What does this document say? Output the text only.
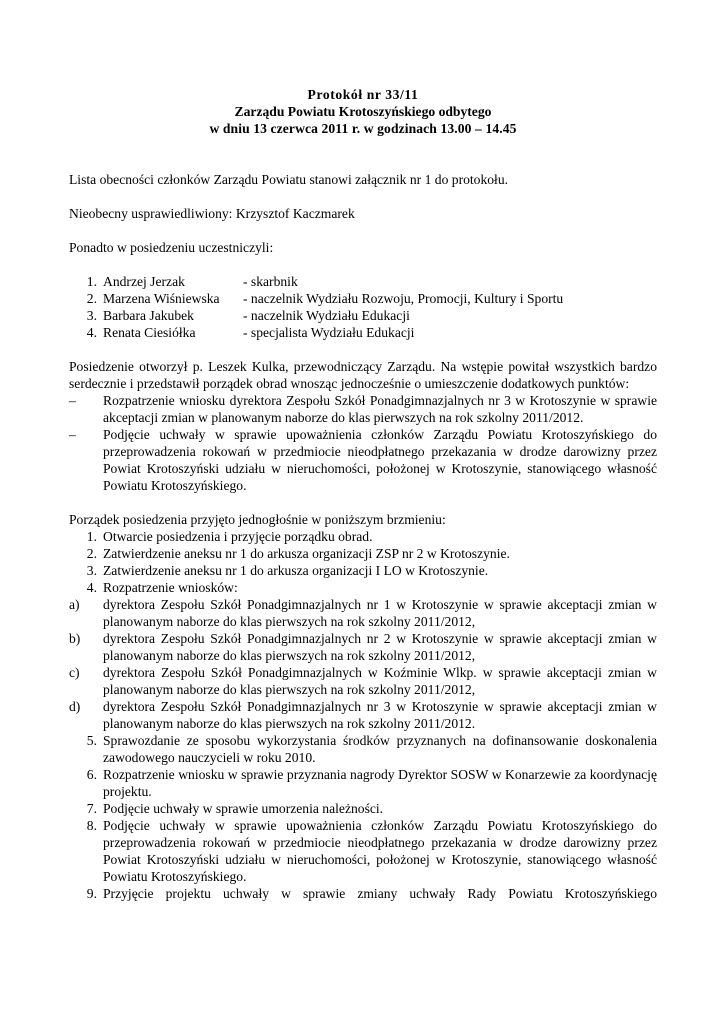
Protokół nr 33/11
Zarządu Powiatu Krotoszyńskiego odbytego
w dniu 13 czerwca 2011 r. w godzinach 13.00 – 14.45

Lista obecności członków Zarządu Powiatu stanowi załącznik nr 1 do protokołu.

Nieobecny usprawiedliwiony: Krzysztof Kaczmarek

Ponadto w posiedzeniu uczestniczyli:

1. Andrzej Jerzak	- skarbnik
2. Marzena Wiśniewska	- naczelnik Wydziału Rozwoju, Promocji, Kultury i Sportu
3. Barbara Jakubek	- naczelnik Wydziału Edukacji
4. Renata Ciesiółka	- specjalista Wydziału Edukacji

Posiedzenie otworzył p. Leszek Kulka, przewodniczący Zarządu. Na wstępie powitał wszystkich bardzo serdecznie i przedstawił porządek obrad wnosząc jednocześnie o umieszczenie dodatkowych punktów:

–	Rozpatrzenie wniosku dyrektora Zespołu Szkół Ponadgimnazjalnych nr 3 w Krotoszynie w sprawie akceptacji zmian w planowanym naborze do klas pierwszych na rok szkolny 2011/2012.
–	Podjęcie uchwały w sprawie upoważnienia członków Zarządu Powiatu Krotoszyńskiego do przeprowadzenia rokowań w przedmiocie nieodpłatnego przekazania w drodze darowizny przez Powiat Krotoszyński udziału w nieruchomości, położonej w Krotoszynie, stanowiącego własność Powiatu Krotoszyńskiego.

Porządek posiedzenia przyjęto jednogłośnie w poniższym brzmieniu:

1. Otwarcie posiedzenia i przyjęcie porządku obrad.
2. Zatwierdzenie aneksu nr 1 do arkusza organizacji ZSP nr 2 w Krotoszynie.
3. Zatwierdzenie aneksu nr 1 do arkusza organizacji I LO w Krotoszynie.
4. Rozpatrzenie wniosków:
a)	dyrektora Zespołu Szkół Ponadgimnazjalnych nr 1 w Krotoszynie w sprawie akceptacji zmian w planowanym naborze do klas pierwszych na rok szkolny 2011/2012,
b)	dyrektora Zespołu Szkół Ponadgimnazjalnych nr 2 w Krotoszynie w sprawie akceptacji zmian w planowanym naborze do klas pierwszych na rok szkolny 2011/2012,
c)	dyrektora Zespołu Szkół Ponadgimnazjalnych w Koźminie Wlkp. w sprawie akceptacji zmian w planowanym naborze do klas pierwszych na rok szkolny 2011/2012,
d)	dyrektora Zespołu Szkół Ponadgimnazjalnych nr 3 w Krotoszynie w sprawie akceptacji zmian w planowanym naborze do klas pierwszych na rok szkolny 2011/2012.
5. Sprawozdanie ze sposobu wykorzystania środków przyznanych na dofinansowanie doskonalenia zawodowego nauczycieli w roku 2010.
6. Rozpatrzenie wniosku w sprawie przyznania nagrody Dyrektor SOSW w Konarzewie za koordynację projektu.
7. Podjęcie uchwały w sprawie umorzenia należności.
8. Podjęcie uchwały w sprawie upoważnienia członków Zarządu Powiatu Krotoszyńskiego do przeprowadzenia rokowań w przedmiocie nieodpłatnego przekazania w drodze darowizny przez Powiat Krotoszyński udziału w nieruchomości, położonej w Krotoszynie, stanowiącego własność Powiatu Krotoszyńskiego.
9. Przyjęcie projektu uchwały w sprawie zmiany uchwały Rady Powiatu Krotoszyńskiego
